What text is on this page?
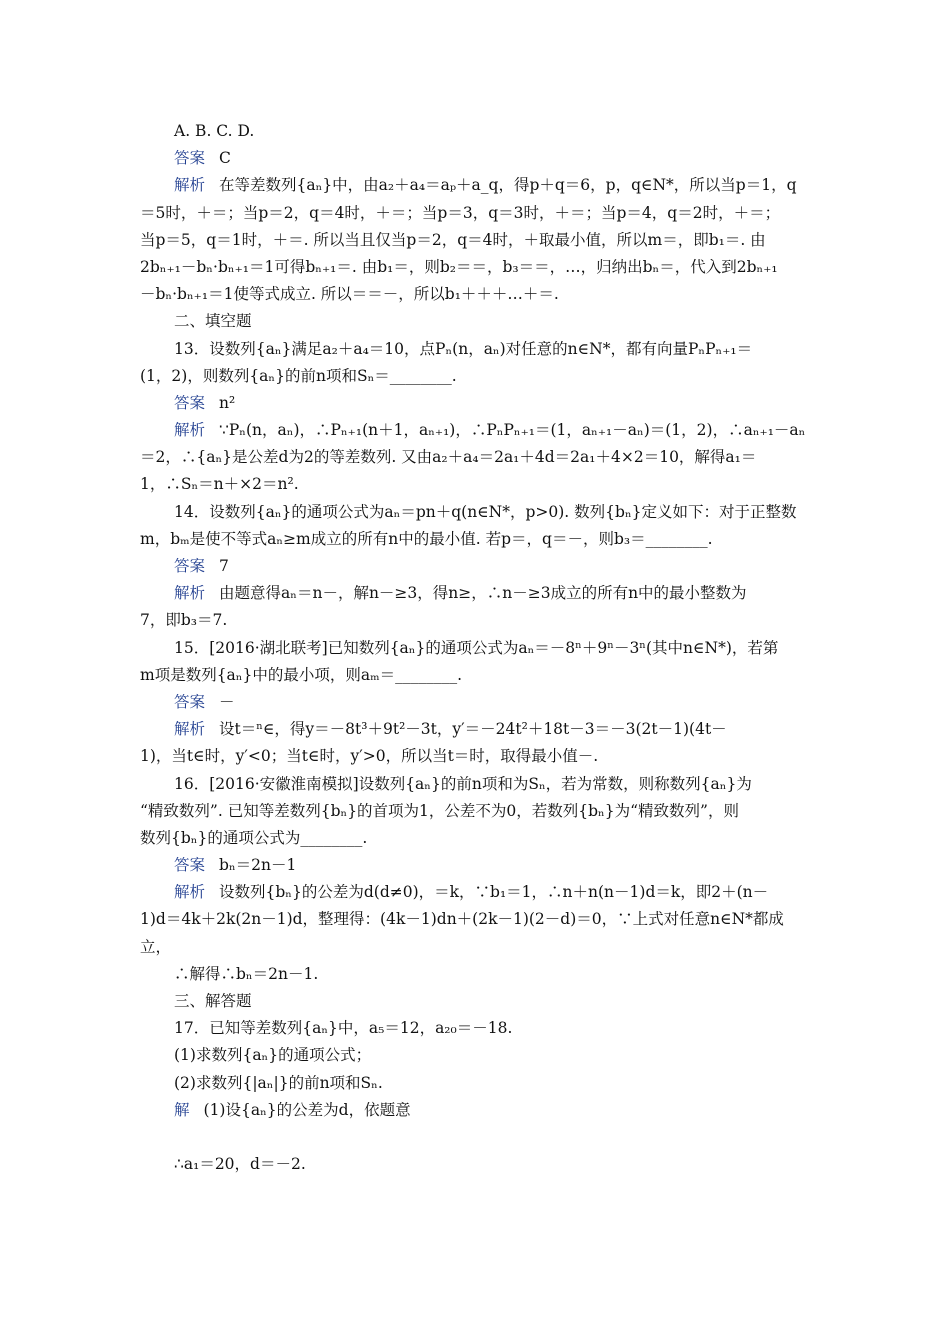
A. B. C. D.
答案 C
解析 在等差数列{aₙ}中，由a₂＋a₄＝aₚ＋a_q，得p＋q＝6，p，q∈N*，所以当p＝1，q
＝5时，＋＝；当p＝2，q＝4时，＋＝；当p＝3，q＝3时，＋＝；当p＝4，q＝2时，＋＝；
当p＝5，q＝1时，＋＝. 所以当且仅当p＝2，q＝4时，＋取最小值，所以m＝，即b₁＝. 由
2bₙ₊₁－bₙ·bₙ₊₁＝1可得bₙ₊₁＝. 由b₁＝，则b₂＝＝，b₃＝＝，…，归纳出bₙ＝，代入到2bₙ₊₁
－bₙ·bₙ₊₁＝1使等式成立. 所以＝＝－，所以b₁＋＋＋…＋＝.
二、填空题
13．设数列{aₙ}满足a₂＋a₄＝10，点Pₙ(n，aₙ)对任意的n∈N*，都有向量PₙPₙ₊₁＝
(1，2)，则数列{aₙ}的前n项和Sₙ＝________.
答案 n²
解析 ∵Pₙ(n，aₙ)，∴Pₙ₊₁(n＋1，aₙ₊₁)，∴PₙPₙ₊₁＝(1，aₙ₊₁－aₙ)＝(1，2)，∴aₙ₊₁－aₙ
＝2，∴{aₙ}是公差d为2的等差数列. 又由a₂＋a₄＝2a₁＋4d＝2a₁＋4×2＝10，解得a₁＝
1，∴Sₙ＝n＋×2＝n².
14．设数列{aₙ}的通项公式为aₙ＝pn＋q(n∈N*，p>0). 数列{bₙ}定义如下：对于正整数
m，bₘ是使不等式aₙ≥m成立的所有n中的最小值. 若p＝，q＝－，则b₃＝________.
答案 7
解析 由题意得aₙ＝n－，解n－≥3，得n≥，∴n－≥3成立的所有n中的最小整数为
7，即b₃＝7.
15．[2016·湖北联考]已知数列{aₙ}的通项公式为aₙ＝－8ⁿ＋9ⁿ－3ⁿ(其中n∈N*)，若第
m项是数列{aₙ}中的最小项，则aₘ＝________.
答案 －
解析 设t＝ⁿ∈，得y＝－8t³＋9t²－3t，y′＝－24t²＋18t－3＝－3(2t－1)(4t－
1)，当t∈时，y′<0；当t∈时，y′>0，所以当t＝时，取得最小值－.
16．[2016·安徽淮南模拟]设数列{aₙ}的前n项和为Sₙ，若为常数，则称数列{aₙ}为
“精致数列”. 已知等差数列{bₙ}的首项为1，公差不为0，若数列{bₙ}为“精致数列”，则
数列{bₙ}的通项公式为________.
答案 bₙ＝2n－1
解析 设数列{bₙ}的公差为d(d≠0)，＝k，∵b₁＝1，∴n＋n(n－1)d＝k，即2＋(n－
1)d＝4k＋2k(2n－1)d，整理得：(4k－1)dn＋(2k－1)(2－d)＝0，∵上式对任意n∈N*都成
立，
∴解得∴bₙ＝2n－1.
三、解答题
17．已知等差数列{aₙ}中，a₅＝12，a₂₀＝－18.
(1)求数列{aₙ}的通项公式；
(2)求数列{|aₙ|}的前n项和Sₙ.
解 (1)设{aₙ}的公差为d，依题意
∴a₁＝20，d＝－2.
